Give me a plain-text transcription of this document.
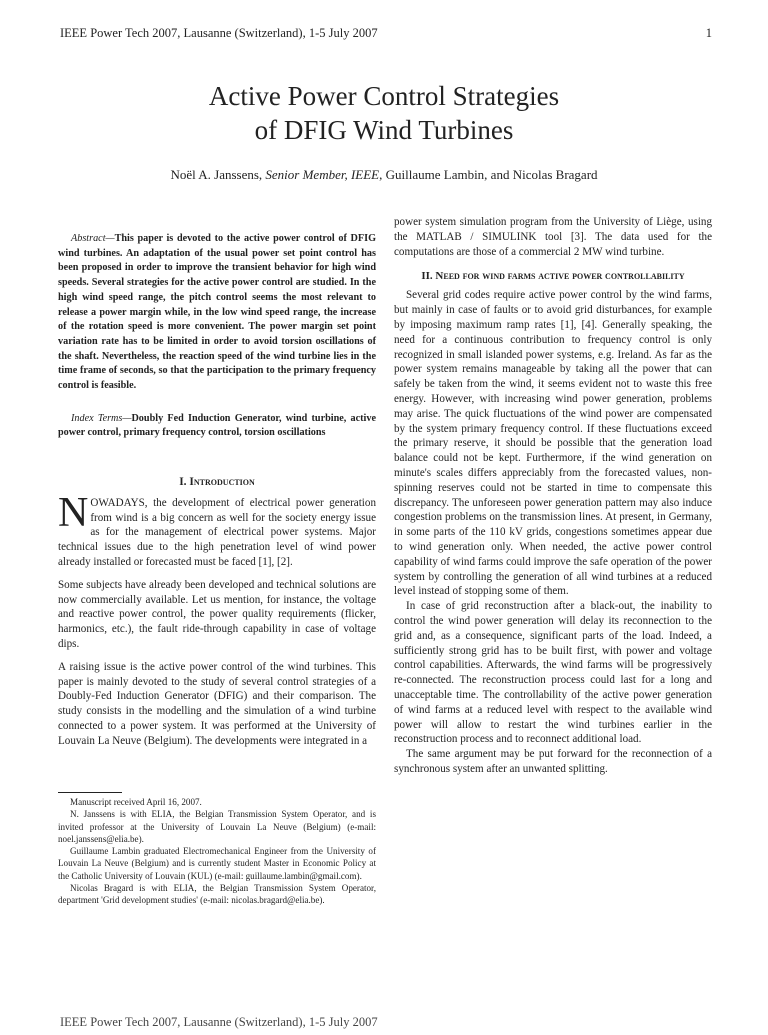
IEEE Power Tech 2007, Lausanne (Switzerland), 1-5 July 2007	1
Active Power Control Strategies
of DFIG Wind Turbines
Noël A. Janssens, Senior Member, IEEE, Guillaume Lambin, and Nicolas Bragard

Abstract—This paper is devoted to the active power control of DFIG wind turbines. An adaptation of the usual power set point control has been proposed in order to improve the transient behavior for high wind speeds. Several strategies for the active power control are studied. In the high wind speed range, the pitch control seems the most relevant to release a power margin while, in the low wind speed range, the increase of the rotation speed is more convenient. The power margin set point variation rate has to be limited in order to avoid torsion oscillations of the shaft. Nevertheless, the reaction speed of the wind turbine lies in the time frame of seconds, so that the participation to the primary frequency control is feasible.

Index Terms—Doubly Fed Induction Generator, wind turbine, active power control, primary frequency control, torsion oscillations

I. Introduction

NOWADAYS, the development of electrical power generation from wind is a big concern as well for the society energy issue as for the management of electrical power systems. Major technical issues due to the high penetration level of wind power already installed or forecasted must be faced [1], [2].

Some subjects have already been developed and technical solutions are now commercially available. Let us mention, for instance, the voltage and reactive power control, the power quality requirements (flicker, harmonics, etc.), the fault ride-through capability in case of voltage dips.

A raising issue is the active power control of the wind turbines. This paper is mainly devoted to the study of several control strategies of a Doubly-Fed Induction Generator (DFIG) and their comparison. The study consists in the modelling and the simulation of a wind turbine connected to a power system. It was performed at the University of Louvain La Neuve (Belgium). The developments were integrated in a

Manuscript received April 16, 2007.

N. Janssens is with ELIA, the Belgian Transmission System Operator, and is invited professor at the University of Louvain La Neuve (Belgium) (e-mail: noel.janssens@elia.be).

Guillaume Lambin graduated Electromechanical Engineer from the University of Louvain La Neuve (Belgium) and is currently student Master in Economic Policy at the Catholic University of Louvain (KUL) (e-mail: guillaume.lambin@gmail.com).

Nicolas Bragard is with ELIA, the Belgian Transmission System Operator, department 'Grid development studies' (e-mail: nicolas.bragard@elia.be).

power system simulation program from the University of Liège, using the MATLAB / SIMULINK tool [3]. The data used for the computations are those of a commercial 2 MW wind turbine.

II. Need for wind farms active power controllability

Several grid codes require active power control by the wind farms, but mainly in case of faults or to avoid grid disturbances, for example by imposing maximum ramp rates [1], [4]. Generally speaking, the need for a continuous contribution to frequency control is only recognized in small islanded power systems, e.g. Ireland. As far as the power system remains manageable by taking all the power that can safely be taken from the wind, it seems evident not to waste this free energy. However, with increasing wind power generation, problems may arise. The quick fluctuations of the wind power are compensated by the system primary frequency control. If these fluctuations exceed the primary reserve, it should be possible that the generation load balance could not be kept. Furthermore, if the wind generation on minute's scales differs appreciably from the forecasted values, non-spinning reserves could not be started in time to compensate this discrepancy. The unforeseen power generation pattern may also induce congestion problems on the transmission lines. At present, in Germany, in some parts of the 110 kV grids, congestions sometimes appear due to wind generation only. When needed, the active power control capability of wind farms could improve the safe operation of the power system by controlling the generation of all wind turbines at a reduced level instead of stopping some of them.

In case of grid reconstruction after a black-out, the inability to control the wind power generation will delay its reconnection to the grid and, as a consequence, significant parts of the load. Indeed, a sufficiently strong grid has to be built first, with power and voltage control capabilities. Afterwards, the wind farms will be progressively re-connected. The reconstruction process could last for a long and unacceptable time. The controllability of the active power generation of wind farms at a reduced level with respect to the available wind power will allow to restart the wind turbines earlier in the reconstruction process and to reconnect additional load.

The same argument may be put forward for the reconnection of a synchronous system after an unwanted splitting.

IEEE Power Tech 2007, Lausanne (Switzerland), 1-5 July 2007
